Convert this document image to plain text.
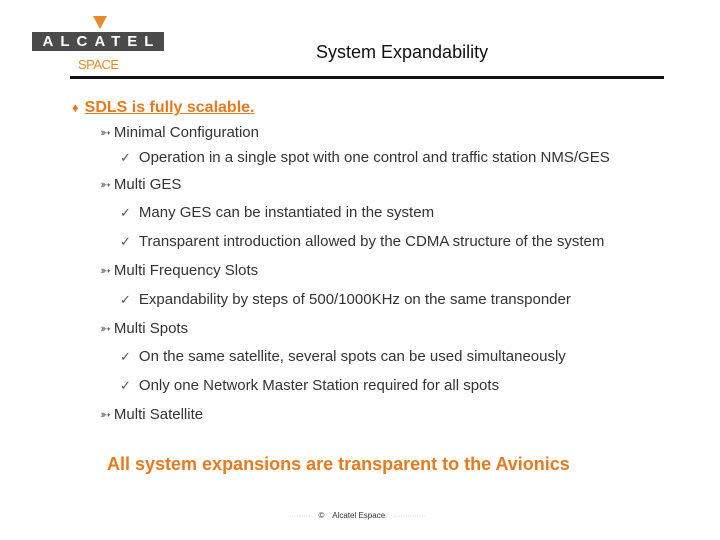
ALCATEL
SPACE
System Expandability
♦ SDLS is fully scalable.
➳ Minimal Configuration
✓ Operation in a single spot with one control and traffic station NMS/GES
➳ Multi GES
✓ Many GES can be instantiated in the system
✓ Transparent introduction allowed by the CDMA structure of the system
➳ Multi Frequency Slots
✓ Expandability by steps of 500/1000KHz on the same transponder
➳ Multi Spots
✓ On the same satellite, several spots can be used simultaneously
✓ Only one Network Master Station required for all spots
➳ Multi Satellite
All system expansions are transparent to the Avionics
·········· © Alcatel Espace ··············
